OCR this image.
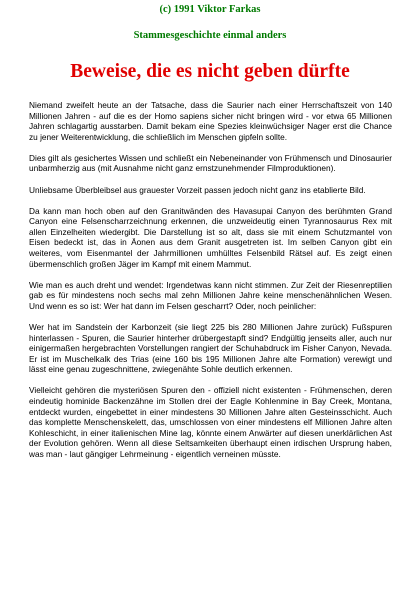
(c) 1991 Viktor Farkas
Stammesgeschichte einmal anders
Beweise, die es nicht geben dürfte

Niemand zweifelt heute an der Tatsache, dass die Saurier nach einer Herrschaftszeit von 140 Millionen Jahren - auf die es der Homo sapiens sicher nicht bringen wird - vor etwa 65 Millionen Jahren schlagartig ausstarben. Damit bekam eine Spezies kleinwüchsiger Nager erst die Chance zu jener Weiterentwicklung, die schließlich im Menschen gipfeln sollte.

Dies gilt als gesichertes Wissen und schließt ein Nebeneinander von Frühmensch und Dinosaurier unbarmherzig aus (mit Ausnahme nicht ganz ernstzunehmender Filmproduktionen).

Unliebsame Überbleibsel aus grauester Vorzeit passen jedoch nicht ganz ins etablierte Bild.

Da kann man hoch oben auf den Granitwänden des Havasupai Canyon des berühmten Grand Canyon eine Felsenscharrzeichnung erkennen, die unzweideutig einen Tyrannosaurus Rex mit allen Einzelheiten wiedergibt. Die Darstellung ist so alt, dass sie mit einem Schutzmantel von Eisen bedeckt ist, das in Äonen aus dem Granit ausgetreten ist. Im selben Canyon gibt ein weiteres, vom Eisenmantel der Jahrmillionen umhülltes Felsenbild Rätsel auf. Es zeigt einen übermenschlich großen Jäger im Kampf mit einem Mammut.

Wie man es auch dreht und wendet: Irgendetwas kann nicht stimmen. Zur Zeit der Riesenreptilien gab es für mindestens noch sechs mal zehn Millionen Jahre keine menschenähnlichen Wesen. Und wenn es so ist: Wer hat dann im Felsen gescharrt? Oder, noch peinlicher:

Wer hat im Sandstein der Karbonzeit (sie liegt 225 bis 280 Millionen Jahre zurück) Fußspuren hinterlassen - Spuren, die Saurier hinterher drübergestapft sind? Endgültig jenseits aller, auch nur einigermaßen hergebrachten Vorstellungen rangiert der Schuhabdruck im Fisher Canyon, Nevada. Er ist im Muschelkalk des Trias (eine 160 bis 195 Millionen Jahre alte Formation) verewigt und lässt eine genau zugeschnittene, zwiegenähte Sohle deutlich erkennen.

Vielleicht gehören die mysteriösen Spuren den - offiziell nicht existenten - Frühmenschen, deren eindeutig hominide Backenzähne im Stollen drei der Eagle Kohlenmine in Bay Creek, Montana, entdeckt wurden, eingebettet in einer mindestens 30 Millionen Jahre alten Gesteinsschicht. Auch das komplette Menschenskelett, das, umschlossen von einer mindestens elf Millionen Jahre alten Kohleschicht, in einer italienischen Mine lag, könnte einem Anwärter auf diesen unerklärlichen Ast der Evolution gehören. Wenn all diese Seltsamkeiten überhaupt einen irdischen Ursprung haben, was man - laut gängiger Lehrmeinung - eigentlich verneinen müsste.
